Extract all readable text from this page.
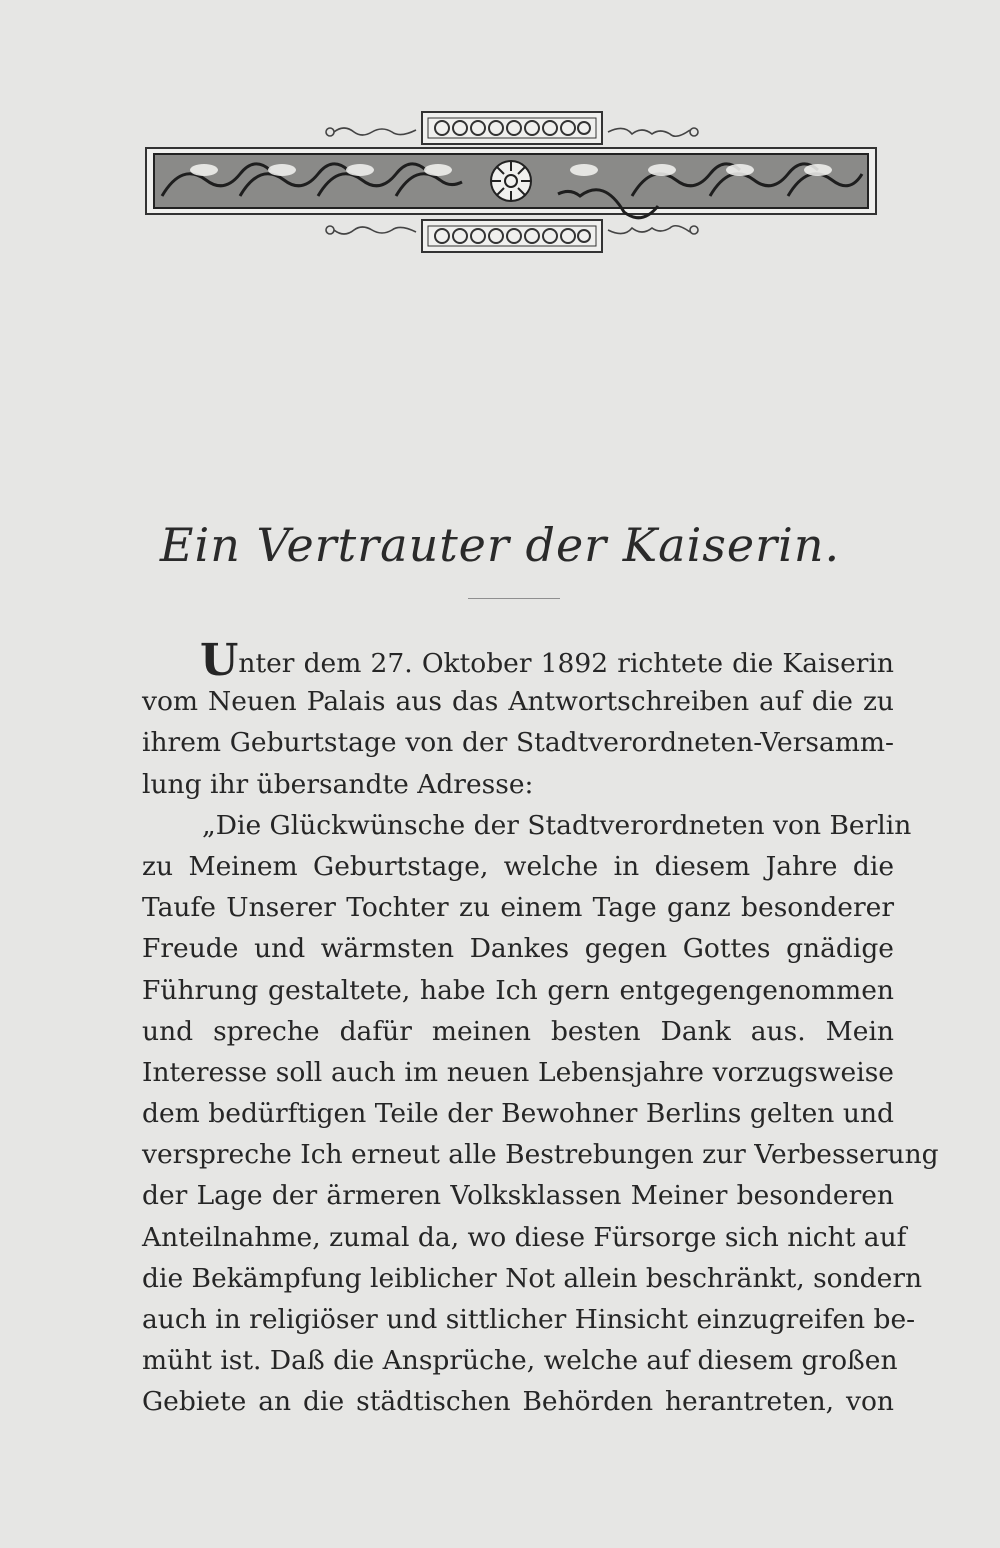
Ein Vertrauter der Kaiserin.
Unter dem 27. Oktober 1892 richtete die Kaiserin
vom Neuen Palais aus das Antwortschreiben auf die zu
ihrem Geburtstage von der Stadtverordneten-Versamm-
lung ihr übersandte Adresse:
„Die Glückwünsche der Stadtverordneten von Berlin
zu Meinem Geburtstage, welche in diesem Jahre die
Taufe Unserer Tochter zu einem Tage ganz besonderer
Freude und wärmsten Dankes gegen Gottes gnädige
Führung gestaltete, habe Ich gern entgegengenommen
und spreche dafür meinen besten Dank aus. Mein
Interesse soll auch im neuen Lebensjahre vorzugsweise
dem bedürftigen Teile der Bewohner Berlins gelten und
verspreche Ich erneut alle Bestrebungen zur Verbesserung
der Lage der ärmeren Volksklassen Meiner besonderen
Anteilnahme, zumal da, wo diese Fürsorge sich nicht auf
die Bekämpfung leiblicher Not allein beschränkt, sondern
auch in religiöser und sittlicher Hinsicht einzugreifen be-
müht ist. Daß die Ansprüche, welche auf diesem großen
Gebiete an die städtischen Behörden herantreten, von
